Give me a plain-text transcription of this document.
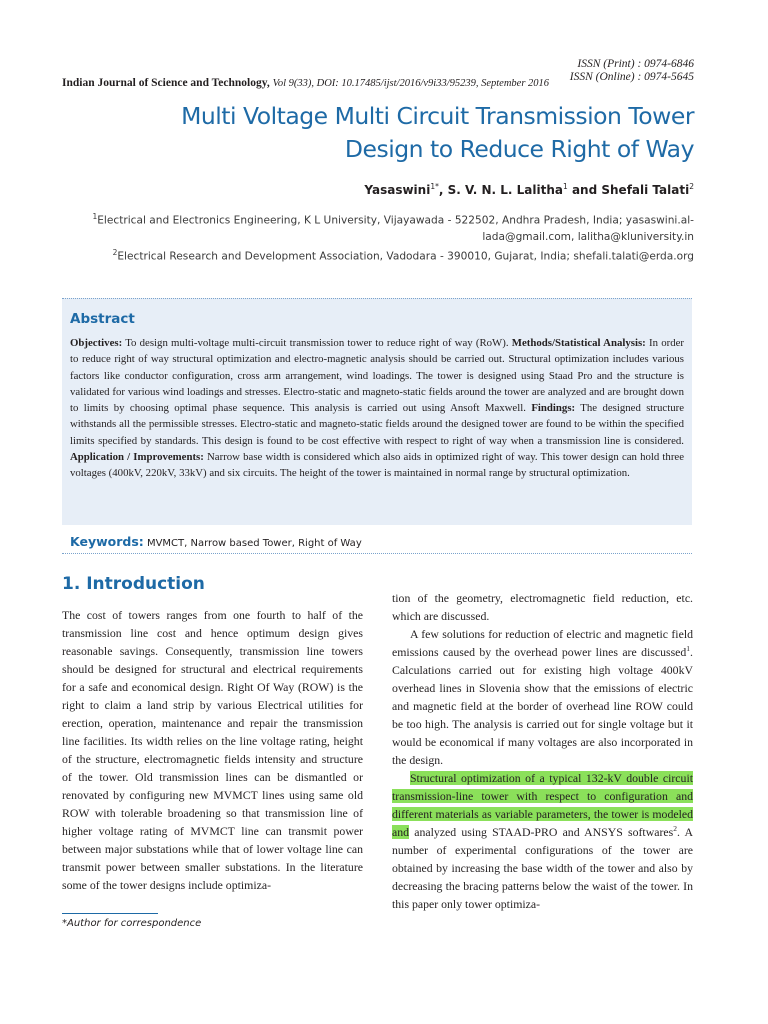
ISSN (Print) : 0974-6846
ISSN (Online) : 0974-5645
Indian Journal of Science and Technology, Vol 9(33), DOI: 10.17485/ijst/2016/v9i33/95239, September 2016
Multi Voltage Multi Circuit Transmission Tower
Design to Reduce Right of Way
Yasaswini$^{1*}$, S. V. N. L. Lalitha$^1$ and Shefali Talati$^2$
$^1$Electrical and Electronics Engineering, K L University, Vijayawada - 522502, Andhra Pradesh, India; yasaswini.al-
lada@gmail.com, lalitha@kluniversity.in
$^2$Electrical Research and Development Association, Vadodara - 390010, Gujarat, India; shefali.talati@erda.org
Abstract
Objectives: To design multi-voltage multi-circuit transmission tower to reduce right of way (RoW). Methods/Statistical Analysis: In order to reduce right of way structural optimization and electro-magnetic analysis should be carried out. Structural optimization includes various factors like conductor configuration, cross arm arrangement, wind loadings. The tower is designed using Staad Pro and the structure is validated for various wind loadings and stresses. Electro-static and magneto-static fields around the tower are analyzed and are brought down to limits by choosing optimal phase sequence. This analysis is carried out using Ansoft Maxwell. Findings: The designed structure withstands all the permissible stresses. Electro-static and magneto-static fields around the designed tower are found to be within the specified limits specified by standards. This design is found to be cost effective with respect to right of way when a transmission line is considered. Application / Improvements: Narrow base width is considered which also aids in optimized right of way. This tower design can hold three voltages (400kV, 220kV, 33kV) and six circuits. The height of the tower is maintained in normal range by structural optimization.
Keywords: MVMCT, Narrow based Tower, Right of Way
1. Introduction

The cost of towers ranges from one fourth to half of the transmission line cost and hence optimum design gives reasonable savings. Consequently, transmission line towers should be designed for structural and electrical requirements for a safe and economical design. Right Of Way (ROW) is the right to claim a land strip by various Electrical utilities for erection, operation, maintenance and repair the transmission line facilities. Its width relies on the line voltage rating, height of the structure, electromagnetic fields intensity and structure of the tower. Old transmission lines can be dismantled or renovated by configuring new MVMCT lines using same old ROW with tolerable broadening so that transmission line of higher voltage rating of MVMCT line can transmit power between major substations while that of lower voltage line can transmit power between smaller substations. In the literature some of the tower designs include optimiza-

tion of the geometry, electromagnetic field reduction, etc. which are discussed.

A few solutions for reduction of electric and magnetic field emissions caused by the overhead power lines are discussed$^1$. Calculations carried out for existing high voltage 400kV overhead lines in Slovenia show that the emissions of electric and magnetic field at the border of overhead line ROW could be too high. The analysis is carried out for single voltage but it would be economical if many voltages are also incorporated in the design.

Structural optimization of a typical 132-kV double circuit transmission-line tower with respect to configuration and different materials as variable parameters, the tower is modeled and analyzed using STAAD-PRO and ANSYS softwares$^2$. A number of experimental configurations of the tower are obtained by increasing the base width of the tower and also by decreasing the bracing patterns below the waist of the tower. In this paper only tower optimiza-

*Author for correspondence
